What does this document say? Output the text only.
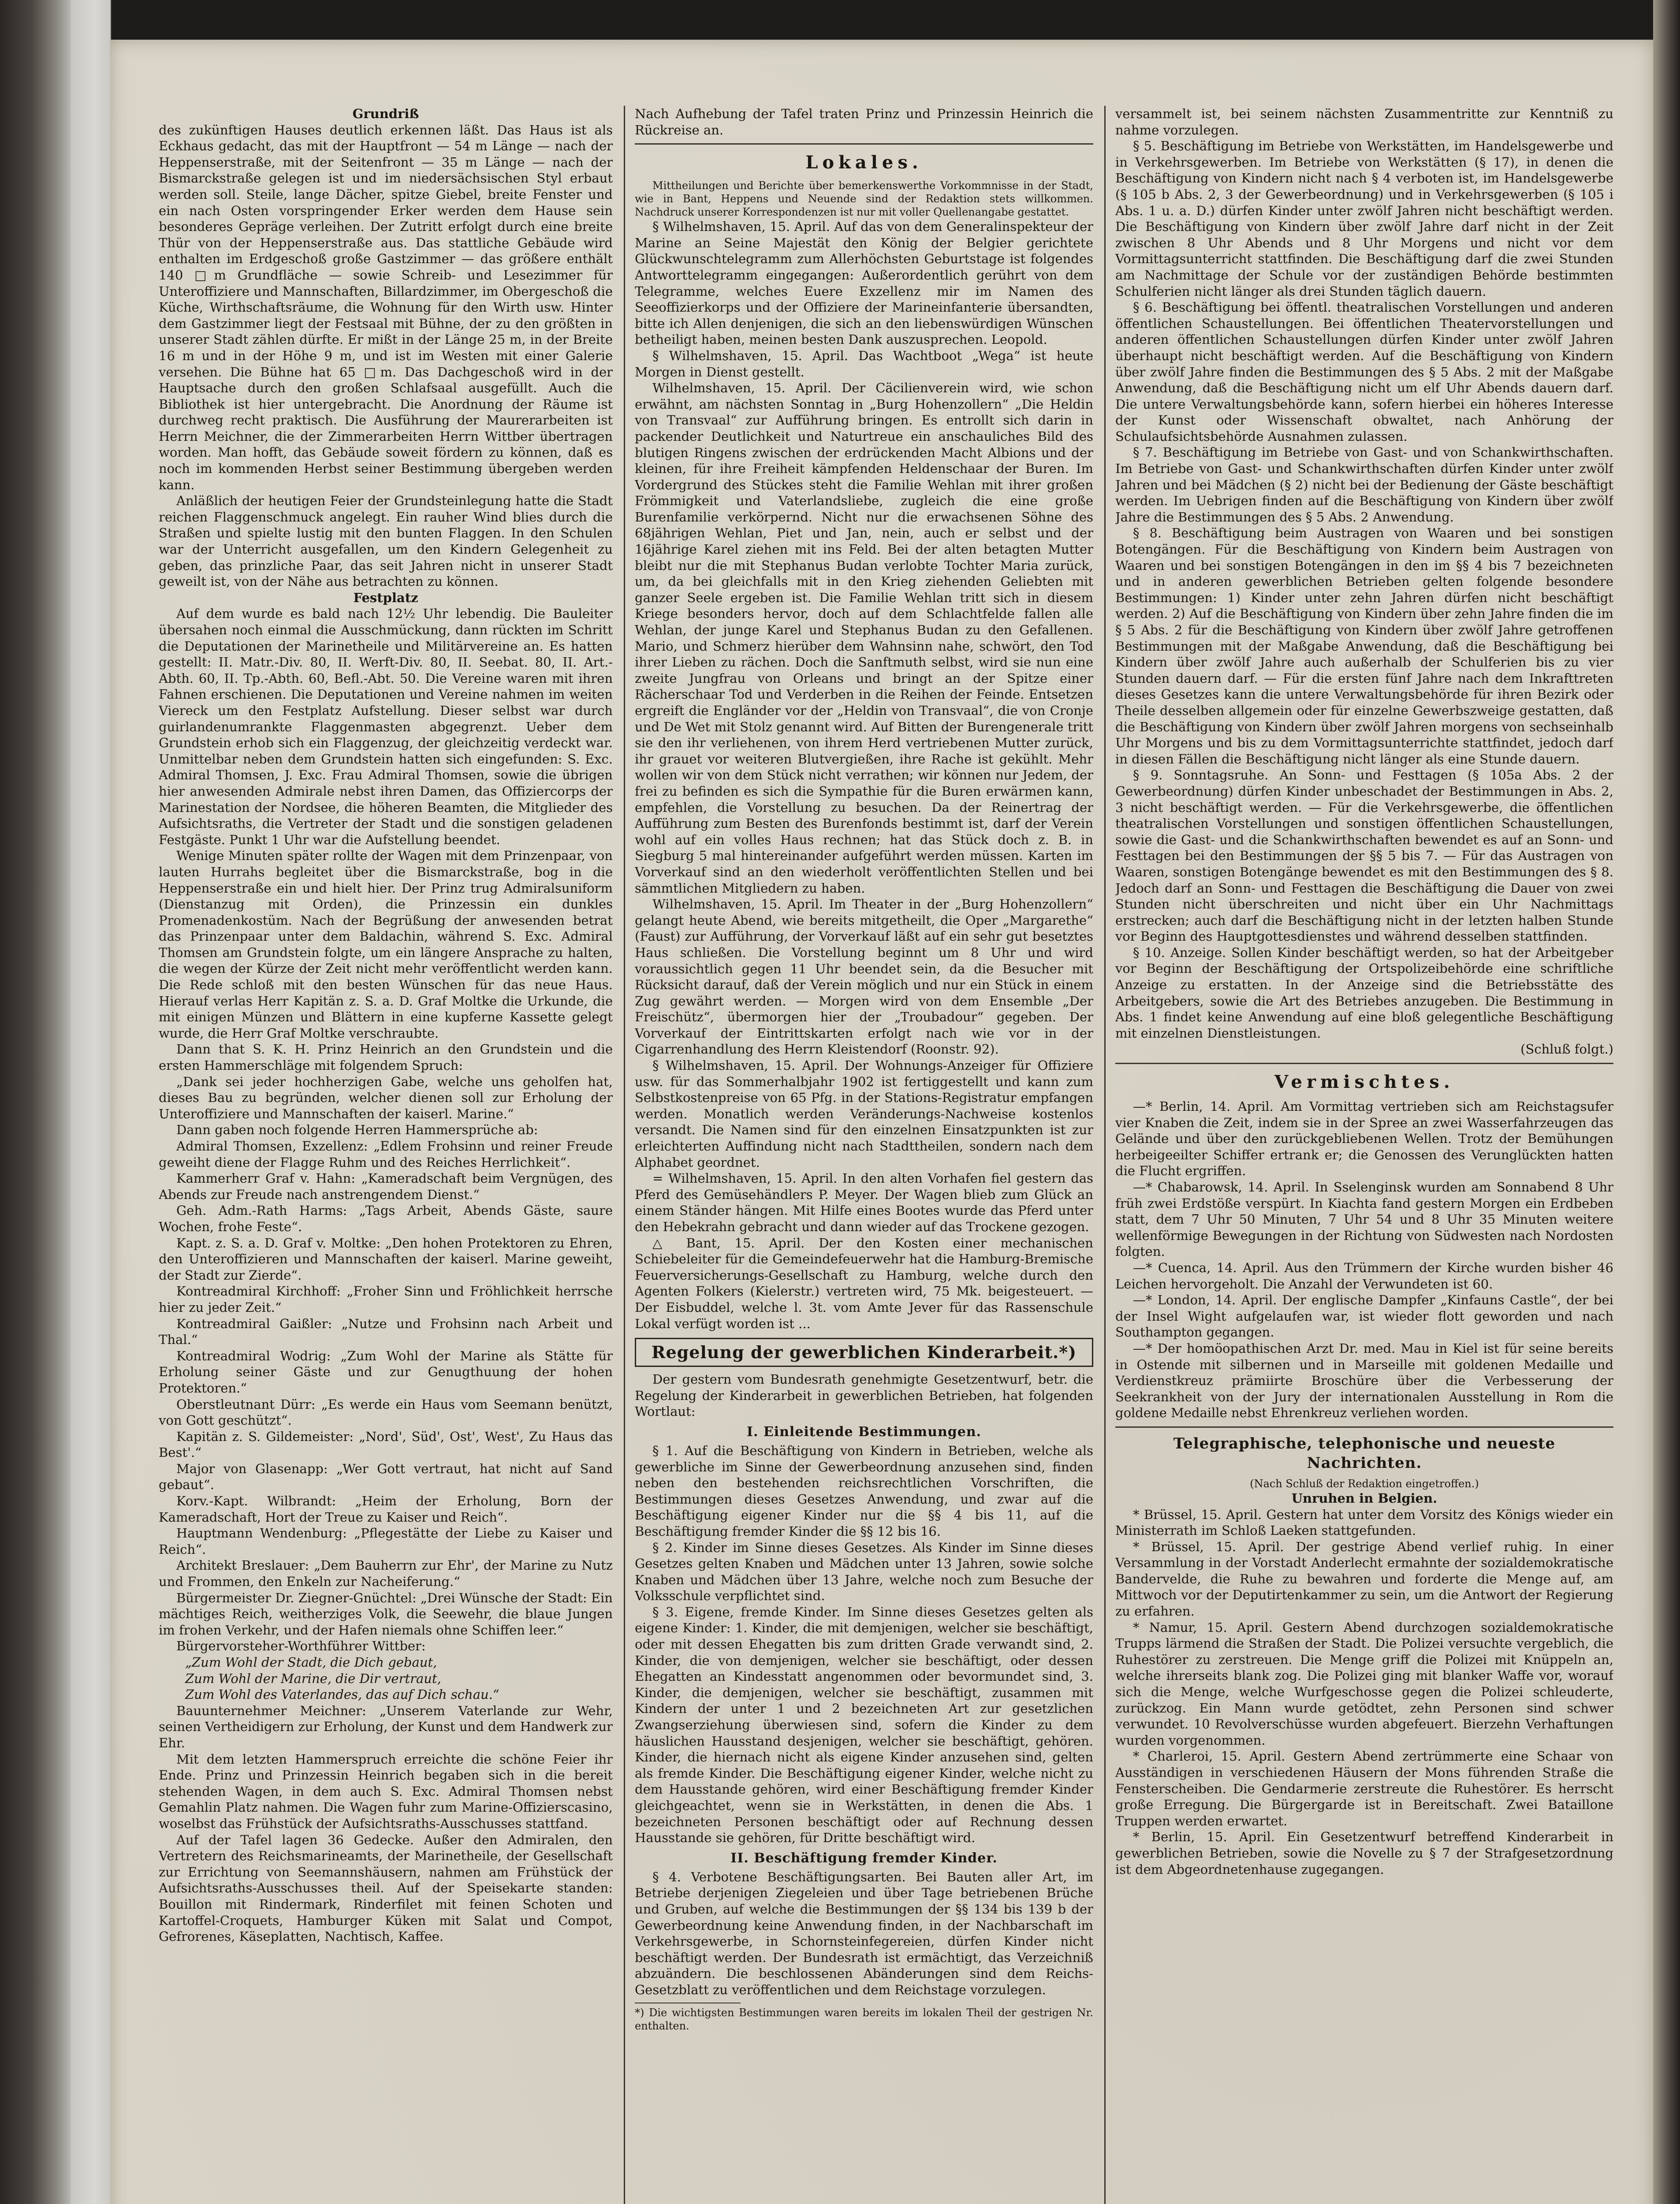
Grundriß

des zukünftigen Hauses deutlich erkennen läßt. Das Haus ist als Eckhaus gedacht, das mit der Hauptfront — 54 m Länge — nach der Heppenserstraße, mit der Seitenfront — 35 m Länge — nach der Bismarckstraße gelegen ist und im niedersächsischen Styl erbaut werden soll. Steile, lange Dächer, spitze Giebel, breite Fenster und ein nach Osten vorspringender Erker werden dem Hause sein besonderes Gepräge verleihen. Der Zutritt erfolgt durch eine breite Thür von der Heppenserstraße aus. Das stattliche Gebäude wird enthalten im Erdgeschoß große Gastzimmer — das größere enthält 140 □m Grundfläche — sowie Schreib- und Lesezimmer für Unteroffiziere und Mannschaften, Billardzimmer, im Obergeschoß die Küche, Wirthschaftsräume, die Wohnung für den Wirth usw. Hinter dem Gastzimmer liegt der Festsaal mit Bühne, der zu den größten in unserer Stadt zählen dürfte. Er mißt in der Länge 25 m, in der Breite 16 m und in der Höhe 9 m, und ist im Westen mit einer Galerie versehen. Die Bühne hat 65 □m. Das Dachgeschoß wird in der Hauptsache durch den großen Schlafsaal ausgefüllt. Auch die Bibliothek ist hier untergebracht. Die Anordnung der Räume ist durchweg recht praktisch. Die Ausführung der Maurerarbeiten ist Herrn Meichner, die der Zimmerarbeiten Herrn Wittber übertragen worden. Man hofft, das Gebäude soweit fördern zu können, daß es noch im kommenden Herbst seiner Bestimmung übergeben werden kann.

Anläßlich der heutigen Feier der Grundsteinlegung hatte die Stadt reichen Flaggenschmuck angelegt. Ein rauher Wind blies durch die Straßen und spielte lustig mit den bunten Flaggen. In den Schulen war der Unterricht ausgefallen, um den Kindern Gelegenheit zu geben, das prinzliche Paar, das seit Jahren nicht in unserer Stadt geweilt ist, von der Nähe aus betrachten zu können.

Festplatz

Auf dem wurde es bald nach 12½ Uhr lebendig. Die Bauleiter übersahen noch einmal die Ausschmückung, dann rückten im Schritt die Deputationen der Marinetheile und Militärvereine an. Es hatten gestellt: II. Matr.-Div. 80, II. Werft-Div. 80, II. Seebat. 80, II. Art.-Abth. 60, II. Tp.-Abth. 60, Befl.-Abt. 50. Die Vereine waren mit ihren Fahnen erschienen. Die Deputationen und Vereine nahmen im weiten Viereck um den Festplatz Aufstellung. Dieser selbst war durch guirlandenumrankte Flaggenmasten abgegrenzt. Ueber dem Grundstein erhob sich ein Flaggenzug, der gleichzeitig verdeckt war. Unmittelbar neben dem Grundstein hatten sich eingefunden: S. Exc. Admiral Thomsen, J. Exc. Frau Admiral Thomsen, sowie die übrigen hier anwesenden Admirale nebst ihren Damen, das Offiziercorps der Marinestation der Nordsee, die höheren Beamten, die Mitglieder des Aufsichtsraths, die Vertreter der Stadt und die sonstigen geladenen Festgäste. Punkt 1 Uhr war die Aufstellung beendet.

Wenige Minuten später rollte der Wagen mit dem Prinzenpaar, von lauten Hurrahs begleitet über die Bismarckstraße, bog in die Heppenserstraße ein und hielt hier. Der Prinz trug Admiralsuniform (Dienstanzug mit Orden), die Prinzessin ein dunkles Promenadenkostüm. Nach der Begrüßung der anwesenden betrat das Prinzenpaar unter dem Baldachin, während S. Exc. Admiral Thomsen am Grundstein folgte, um ein längere Ansprache zu halten, die wegen der Kürze der Zeit nicht mehr veröffentlicht werden kann. Die Rede schloß mit den besten Wünschen für das neue Haus. Hierauf verlas Herr Kapitän z. S. a. D. Graf Moltke die Urkunde, die mit einigen Münzen und Blättern in eine kupferne Kassette gelegt wurde, die Herr Graf Moltke verschraubte.

Dann that S. K. H. Prinz Heinrich an den Grundstein und die ersten Hammerschläge mit folgendem Spruch:

„Dank sei jeder hochherzigen Gabe, welche uns geholfen hat, dieses Bau zu begründen, welcher dienen soll zur Erholung der Unteroffiziere und Mannschaften der kaiserl. Marine.“

Dann gaben noch folgende Herren Hammersprüche ab:

Admiral Thomsen, Exzellenz: „Edlem Frohsinn und reiner Freude geweiht diene der Flagge Ruhm und des Reiches Herrlichkeit“.

Kammerherr Graf v. Hahn: „Kameradschaft beim Vergnügen, des Abends zur Freude nach anstrengendem Dienst.“

Geh. Adm.-Rath Harms: „Tags Arbeit, Abends Gäste, saure Wochen, frohe Feste“.

Kapt. z. S. a. D. Graf v. Moltke: „Den hohen Protektoren zu Ehren, den Unteroffizieren und Mannschaften der kaiserl. Marine geweiht, der Stadt zur Zierde“.

Kontreadmiral Kirchhoff: „Froher Sinn und Fröhlichkeit herrsche hier zu jeder Zeit.“

Kontreadmiral Gaißler: „Nutze und Frohsinn nach Arbeit und Thal.“

Kontreadmiral Wodrig: „Zum Wohl der Marine als Stätte für Erholung seiner Gäste und zur Genugthuung der hohen Protektoren.“

Oberstleutnant Dürr: „Es werde ein Haus vom Seemann benützt, von Gott geschützt“.

Kapitän z. S. Gildemeister: „Nord', Süd', Ost', West', Zu Haus das Best'.“

Major von Glasenapp: „Wer Gott vertraut, hat nicht auf Sand gebaut“.

Korv.-Kapt. Wilbrandt: „Heim der Erholung, Born der Kameradschaft, Hort der Treue zu Kaiser und Reich“.

Hauptmann Wendenburg: „Pflegestätte der Liebe zu Kaiser und Reich“.

Architekt Breslauer: „Dem Bauherrn zur Ehr', der Marine zu Nutz und Frommen, den Enkeln zur Nacheiferung.“

Bürgermeister Dr. Ziegner-Gnüchtel: „Drei Wünsche der Stadt: Ein mächtiges Reich, weitherziges Volk, die Seewehr, die blaue Jungen im frohen Verkehr, und der Hafen niemals ohne Schiffen leer.“

Bürgervorsteher-Worthführer Wittber:

„Zum Wohl der Stadt, die Dich gebaut,

Zum Wohl der Marine, die Dir vertraut,

Zum Wohl des Vaterlandes, das auf Dich schau.“

Bauunternehmer Meichner: „Unserem Vaterlande zur Wehr, seinen Vertheidigern zur Erholung, der Kunst und dem Handwerk zur Ehr.

Mit dem letzten Hammerspruch erreichte die schöne Feier ihr Ende. Prinz und Prinzessin Heinrich begaben sich in die bereit stehenden Wagen, in dem auch S. Exc. Admiral Thomsen nebst Gemahlin Platz nahmen. Die Wagen fuhr zum Marine-Offizierscasino, woselbst das Frühstück der Aufsichtsraths-Ausschusses stattfand.

Auf der Tafel lagen 36 Gedecke. Außer den Admiralen, den Vertretern des Reichsmarineamts, der Marinetheile, der Gesellschaft zur Errichtung von Seemannshäusern, nahmen am Frühstück der Aufsichtsraths-Ausschusses theil. Auf der Speisekarte standen: Bouillon mit Rindermark, Rinderfilet mit feinen Schoten und Kartoffel-Croquets, Hamburger Küken mit Salat und Compot, Gefrorenes, Käseplatten, Nachtisch, Kaffee.

Nach Aufhebung der Tafel traten Prinz und Prinzessin Heinrich die Rückreise an.

Lokales.

Mittheilungen und Berichte über bemerkenswerthe Vorkommnisse in der Stadt, wie in Bant, Heppens und Neuende sind der Redaktion stets willkommen. Nachdruck unserer Korrespondenzen ist nur mit voller Quellenangabe gestattet.

§ Wilhelmshaven, 15. April. Auf das von dem Generalinspekteur der Marine an Seine Majestät den König der Belgier gerichtete Glückwunschtelegramm zum Allerhöchsten Geburtstage ist folgendes Antworttelegramm eingegangen: Außerordentlich gerührt von dem Telegramme, welches Euere Exzellenz mir im Namen des Seeoffizierkorps und der Offiziere der Marineinfanterie übersandten, bitte ich Allen denjenigen, die sich an den liebenswürdigen Wünschen betheiligt haben, meinen besten Dank auszusprechen. Leopold.

§ Wilhelmshaven, 15. April. Das Wachtboot „Wega“ ist heute Morgen in Dienst gestellt.

Wilhelmshaven, 15. April. Der Cäcilienverein wird, wie schon erwähnt, am nächsten Sonntag in „Burg Hohenzollern“ „Die Heldin von Transvaal“ zur Aufführung bringen. Es entrollt sich darin in packender Deutlichkeit und Naturtreue ein anschauliches Bild des blutigen Ringens zwischen der erdrückenden Macht Albions und der kleinen, für ihre Freiheit kämpfenden Heldenschaar der Buren. Im Vordergrund des Stückes steht die Familie Wehlan mit ihrer großen Frömmigkeit und Vaterlandsliebe, zugleich die eine große Burenfamilie verkörpernd. Nicht nur die erwachsenen Söhne des 68jährigen Wehlan, Piet und Jan, nein, auch er selbst und der 16jährige Karel ziehen mit ins Feld. Bei der alten betagten Mutter bleibt nur die mit Stephanus Budan verlobte Tochter Maria zurück, um, da bei gleichfalls mit in den Krieg ziehenden Geliebten mit ganzer Seele ergeben ist. Die Familie Wehlan tritt sich in diesem Kriege besonders hervor, doch auf dem Schlachtfelde fallen alle Wehlan, der junge Karel und Stephanus Budan zu den Gefallenen. Mario, und Schmerz hierüber dem Wahnsinn nahe, schwört, den Tod ihrer Lieben zu rächen. Doch die Sanftmuth selbst, wird sie nun eine zweite Jungfrau von Orleans und bringt an der Spitze einer Rächerschaar Tod und Verderben in die Reihen der Feinde. Entsetzen ergreift die Engländer vor der „Heldin von Transvaal“, die von Cronje und De Wet mit Stolz genannt wird. Auf Bitten der Burengenerale tritt sie den ihr verliehenen, von ihrem Herd vertriebenen Mutter zurück, ihr grauet vor weiteren Blutvergießen, ihre Rache ist gekühlt. Mehr wollen wir von dem Stück nicht verrathen; wir können nur Jedem, der frei zu befinden es sich die Sympathie für die Buren erwärmen kann, empfehlen, die Vorstellung zu besuchen. Da der Reinertrag der Aufführung zum Besten des Burenfonds bestimmt ist, darf der Verein wohl auf ein volles Haus rechnen; hat das Stück doch z. B. in Siegburg 5 mal hintereinander aufgeführt werden müssen. Karten im Vorverkauf sind an den wiederholt veröffentlichten Stellen und bei sämmtlichen Mitgliedern zu haben.

Wilhelmshaven, 15. April. Im Theater in der „Burg Hohenzollern“ gelangt heute Abend, wie bereits mitgetheilt, die Oper „Margarethe“ (Faust) zur Aufführung, der Vorverkauf läßt auf ein sehr gut besetztes Haus schließen. Die Vorstellung beginnt um 8 Uhr und wird voraussichtlich gegen 11 Uhr beendet sein, da die Besucher mit Rücksicht darauf, daß der Verein möglich und nur ein Stück in einem Zug gewährt werden. — Morgen wird von dem Ensemble „Der Freischütz“, übermorgen hier der „Troubadour“ gegeben. Der Vorverkauf der Eintrittskarten erfolgt nach wie vor in der Cigarrenhandlung des Herrn Kleistendorf (Roonstr. 92).

§ Wilhelmshaven, 15. April. Der Wohnungs-Anzeiger für Offiziere usw. für das Sommerhalbjahr 1902 ist fertiggestellt und kann zum Selbstkostenpreise von 65 Pfg. in der Stations-Registratur empfangen werden. Monatlich werden Veränderungs-Nachweise kostenlos versandt. Die Namen sind für den einzelnen Einsatzpunkten ist zur erleichterten Auffindung nicht nach Stadttheilen, sondern nach dem Alphabet geordnet.

= Wilhelmshaven, 15. April. In den alten Vorhafen fiel gestern das Pferd des Gemüsehändlers P. Meyer. Der Wagen blieb zum Glück an einem Ständer hängen. Mit Hilfe eines Bootes wurde das Pferd unter den Hebekrahn gebracht und dann wieder auf das Trockene gezogen.

△ Bant, 15. April. Der den Kosten einer mechanischen Schiebeleiter für die Gemeindefeuerwehr hat die Hamburg-Bremische Feuerversicherungs-Gesellschaft zu Hamburg, welche durch den Agenten Folkers (Kielerstr.) vertreten wird, 75 Mk. beigesteuert. — Der Eisbuddel, welche l. 3t. vom Amte Jever für das Rassenschule Lokal verfügt worden ist ...

Regelung der gewerblichen Kinderarbeit.*)

Der gestern vom Bundesrath genehmigte Gesetzentwurf, betr. die Regelung der Kinderarbeit in gewerblichen Betrieben, hat folgenden Wortlaut:

I. Einleitende Bestimmungen.

§ 1. Auf die Beschäftigung von Kindern in Betrieben, welche als gewerbliche im Sinne der Gewerbeordnung anzusehen sind, finden neben den bestehenden reichsrechtlichen Vorschriften, die Bestimmungen dieses Gesetzes Anwendung, und zwar auf die Beschäftigung eigener Kinder nur die §§ 4 bis 11, auf die Beschäftigung fremder Kinder die §§ 12 bis 16.

§ 2. Kinder im Sinne dieses Gesetzes. Als Kinder im Sinne dieses Gesetzes gelten Knaben und Mädchen unter 13 Jahren, sowie solche Knaben und Mädchen über 13 Jahre, welche noch zum Besuche der Volksschule verpflichtet sind.

§ 3. Eigene, fremde Kinder. Im Sinne dieses Gesetzes gelten als eigene Kinder: 1. Kinder, die mit demjenigen, welcher sie beschäftigt, oder mit dessen Ehegatten bis zum dritten Grade verwandt sind, 2. Kinder, die von demjenigen, welcher sie beschäftigt, oder dessen Ehegatten an Kindesstatt angenommen oder bevormundet sind, 3. Kinder, die demjenigen, welcher sie beschäftigt, zusammen mit Kindern der unter 1 und 2 bezeichneten Art zur gesetzlichen Zwangserziehung überwiesen sind, sofern die Kinder zu dem häuslichen Hausstand desjenigen, welcher sie beschäftigt, gehören. Kinder, die hiernach nicht als eigene Kinder anzusehen sind, gelten als fremde Kinder. Die Beschäftigung eigener Kinder, welche nicht zu dem Hausstande gehören, wird einer Beschäftigung fremder Kinder gleichgeachtet, wenn sie in Werkstätten, in denen die Abs. 1 bezeichneten Personen beschäftigt oder auf Rechnung dessen Hausstande sie gehören, für Dritte beschäftigt wird.

II. Beschäftigung fremder Kinder.

§ 4. Verbotene Beschäftigungsarten. Bei Bauten aller Art, im Betriebe derjenigen Ziegeleien und über Tage betriebenen Brüche und Gruben, auf welche die Bestimmungen der §§ 134 bis 139 b der Gewerbeordnung keine Anwendung finden, in der Nachbarschaft im Verkehrsgewerbe, in Schornsteinfegereien, dürfen Kinder nicht beschäftigt werden. Der Bundesrath ist ermächtigt, das Verzeichniß abzuändern. Die beschlossenen Abänderungen sind dem Reichs-Gesetzblatt zu veröffentlichen und dem Reichstage vorzulegen.

*) Die wichtigsten Bestimmungen waren bereits im lokalen Theil der gestrigen Nr. enthalten.

versammelt ist, bei seinem nächsten Zusammentritte zur Kenntniß zu nahme vorzulegen.

§ 5. Beschäftigung im Betriebe von Werkstätten, im Handelsgewerbe und in Verkehrsgewerben. Im Betriebe von Werkstätten (§ 17), in denen die Beschäftigung von Kindern nicht nach § 4 verboten ist, im Handelsgewerbe (§ 105 b Abs. 2, 3 der Gewerbeordnung) und in Verkehrsgewerben (§ 105 i Abs. 1 u. a. D.) dürfen Kinder unter zwölf Jahren nicht beschäftigt werden. Die Beschäftigung von Kindern über zwölf Jahre darf nicht in der Zeit zwischen 8 Uhr Abends und 8 Uhr Morgens und nicht vor dem Vormittagsunterricht stattfinden. Die Beschäftigung darf die zwei Stunden am Nachmittage der Schule vor der zuständigen Behörde bestimmten Schulferien nicht länger als drei Stunden täglich dauern.

§ 6. Beschäftigung bei öffentl. theatralischen Vorstellungen und anderen öffentlichen Schaustellungen. Bei öffentlichen Theatervorstellungen und anderen öffentlichen Schaustellungen dürfen Kinder unter zwölf Jahren überhaupt nicht beschäftigt werden. Auf die Beschäftigung von Kindern über zwölf Jahre finden die Bestimmungen des § 5 Abs. 2 mit der Maßgabe Anwendung, daß die Beschäftigung nicht um elf Uhr Abends dauern darf. Die untere Verwaltungsbehörde kann, sofern hierbei ein höheres Interesse der Kunst oder Wissenschaft obwaltet, nach Anhörung der Schulaufsichtsbehörde Ausnahmen zulassen.

§ 7. Beschäftigung im Betriebe von Gast- und von Schankwirthschaften. Im Betriebe von Gast- und Schankwirthschaften dürfen Kinder unter zwölf Jahren und bei Mädchen (§ 2) nicht bei der Bedienung der Gäste beschäftigt werden. Im Uebrigen finden auf die Beschäftigung von Kindern über zwölf Jahre die Bestimmungen des § 5 Abs. 2 Anwendung.

§ 8. Beschäftigung beim Austragen von Waaren und bei sonstigen Botengängen. Für die Beschäftigung von Kindern beim Austragen von Waaren und bei sonstigen Botengängen in den im §§ 4 bis 7 bezeichneten und in anderen gewerblichen Betrieben gelten folgende besondere Bestimmungen: 1) Kinder unter zehn Jahren dürfen nicht beschäftigt werden. 2) Auf die Beschäftigung von Kindern über zehn Jahre finden die im § 5 Abs. 2 für die Beschäftigung von Kindern über zwölf Jahre getroffenen Bestimmungen mit der Maßgabe Anwendung, daß die Beschäftigung bei Kindern über zwölf Jahre auch außerhalb der Schulferien bis zu vier Stunden dauern darf. — Für die ersten fünf Jahre nach dem Inkrafttreten dieses Gesetzes kann die untere Verwaltungsbehörde für ihren Bezirk oder Theile desselben allgemein oder für einzelne Gewerbszweige gestatten, daß die Beschäftigung von Kindern über zwölf Jahren morgens von sechseinhalb Uhr Morgens und bis zu dem Vormittagsunterrichte stattfindet, jedoch darf in diesen Fällen die Beschäftigung nicht länger als eine Stunde dauern.

§ 9. Sonntagsruhe. An Sonn- und Festtagen (§ 105a Abs. 2 der Gewerbeordnung) dürfen Kinder unbeschadet der Bestimmungen in Abs. 2, 3 nicht beschäftigt werden. — Für die Verkehrsgewerbe, die öffentlichen theatralischen Vorstellungen und sonstigen öffentlichen Schaustellungen, sowie die Gast- und die Schankwirthschaften bewendet es auf an Sonn- und Festtagen bei den Bestimmungen der §§ 5 bis 7. — Für das Austragen von Waaren, sonstigen Botengänge bewendet es mit den Bestimmungen des § 8. Jedoch darf an Sonn- und Festtagen die Beschäftigung die Dauer von zwei Stunden nicht überschreiten und nicht über ein Uhr Nachmittags erstrecken; auch darf die Beschäftigung nicht in der letzten halben Stunde vor Beginn des Hauptgottesdienstes und während desselben stattfinden.

§ 10. Anzeige. Sollen Kinder beschäftigt werden, so hat der Arbeitgeber vor Beginn der Beschäftigung der Ortspolizeibehörde eine schriftliche Anzeige zu erstatten. In der Anzeige sind die Betriebsstätte des Arbeitgebers, sowie die Art des Betriebes anzugeben. Die Bestimmung in Abs. 1 findet keine Anwendung auf eine bloß gelegentliche Beschäftigung mit einzelnen Dienstleistungen.

(Schluß folgt.)

Vermischtes.

—* Berlin, 14. April. Am Vormittag vertrieben sich am Reichstagsufer vier Knaben die Zeit, indem sie in der Spree an zwei Wasserfahrzeugen das Gelände und über den zurückgebliebenen Wellen. Trotz der Bemühungen herbeigeeilter Schiffer ertrank er; die Genossen des Verunglückten hatten die Flucht ergriffen.

—* Chabarowsk, 14. April. In Sselenginsk wurden am Sonnabend 8 Uhr früh zwei Erdstöße verspürt. In Kiachta fand gestern Morgen ein Erdbeben statt, dem 7 Uhr 50 Minuten, 7 Uhr 54 und 8 Uhr 35 Minuten weitere wellenförmige Bewegungen in der Richtung von Südwesten nach Nordosten folgten.

—* Cuenca, 14. April. Aus den Trümmern der Kirche wurden bisher 46 Leichen hervorgeholt. Die Anzahl der Verwundeten ist 60.

—* London, 14. April. Der englische Dampfer „Kinfauns Castle“, der bei der Insel Wight aufgelaufen war, ist wieder flott geworden und nach Southampton gegangen.

—* Der homöopathischen Arzt Dr. med. Mau in Kiel ist für seine bereits in Ostende mit silbernen und in Marseille mit goldenen Medaille und Verdienstkreuz prämiirte Broschüre über die Verbesserung der Seekrankheit von der Jury der internationalen Ausstellung in Rom die goldene Medaille nebst Ehrenkreuz verliehen worden.

Telegraphische, telephonische und neueste Nachrichten.

(Nach Schluß der Redaktion eingetroffen.)

Unruhen in Belgien.

* Brüssel, 15. April. Gestern hat unter dem Vorsitz des Königs wieder ein Ministerrath im Schloß Laeken stattgefunden.

* Brüssel, 15. April. Der gestrige Abend verlief ruhig. In einer Versammlung in der Vorstadt Anderlecht ermahnte der sozialdemokratische Bandervelde, die Ruhe zu bewahren und forderte die Menge auf, am Mittwoch vor der Deputirtenkammer zu sein, um die Antwort der Regierung zu erfahren.

* Namur, 15. April. Gestern Abend durchzogen sozialdemokratische Trupps lärmend die Straßen der Stadt. Die Polizei versuchte vergeblich, die Ruhestörer zu zerstreuen. Die Menge griff die Polizei mit Knüppeln an, welche ihrerseits blank zog. Die Polizei ging mit blanker Waffe vor, worauf sich die Menge, welche Wurfgeschosse gegen die Polizei schleuderte, zurückzog. Ein Mann wurde getödtet, zehn Personen sind schwer verwundet. 10 Revolverschüsse wurden abgefeuert. Bierzehn Verhaftungen wurden vorgenommen.

* Charleroi, 15. April. Gestern Abend zertrümmerte eine Schaar von Ausständigen in verschiedenen Häusern der Mons führenden Straße die Fensterscheiben. Die Gendarmerie zerstreute die Ruhestörer. Es herrscht große Erregung. Die Bürgergarde ist in Bereitschaft. Zwei Bataillone Truppen werden erwartet.

* Berlin, 15. April. Ein Gesetzentwurf betreffend Kinderarbeit in gewerblichen Betrieben, sowie die Novelle zu § 7 der Strafgesetzordnung ist dem Abgeordnetenhause zugegangen.
